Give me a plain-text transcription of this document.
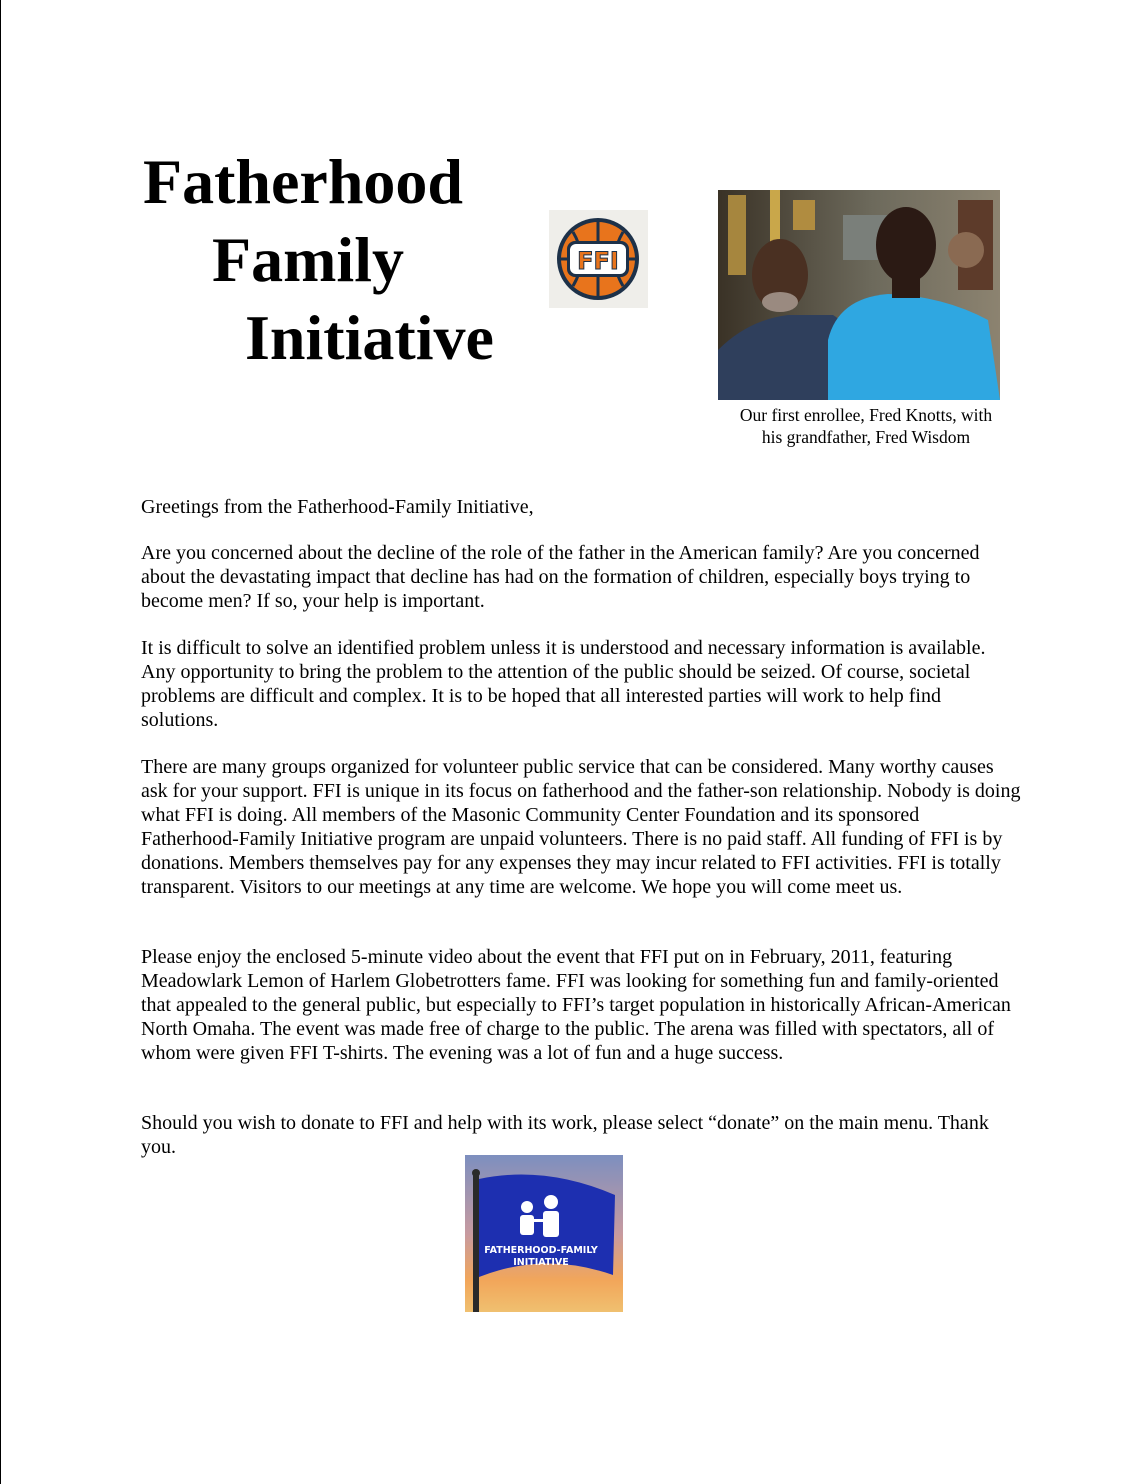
Fatherhood
Family
Initiative
FFI
Our first enrollee, Fred Knotts, with
his grandfather, Fred Wisdom

Greetings from the Fatherhood-Family Initiative,

Are you concerned about the decline of the role of the father in the American family? Are you concerned about the devastating impact that decline has had on the formation of children, especially boys trying to become men? If so, your help is important.

It is difficult to solve an identified problem unless it is understood and necessary information is available. Any opportunity to bring the problem to the attention of the public should be seized. Of course, societal problems are difficult and complex. It is to be hoped that all interested parties will work to help find solutions.

There are many groups organized for volunteer public service that can be considered. Many worthy causes ask for your support. FFI is unique in its focus on fatherhood and the father-son relationship. Nobody is doing what FFI is doing. All members of the Masonic Community Center Foundation and its sponsored Fatherhood-Family Initiative program are unpaid volunteers. There is no paid staff. All funding of FFI is by donations. Members themselves pay for any expenses they may incur related to FFI activities. FFI is totally transparent. Visitors to our meetings at any time are welcome. We hope you will come meet us.

Please enjoy the enclosed 5-minute video about the event that FFI put on in February, 2011, featuring Meadowlark Lemon of Harlem Globetrotters fame. FFI was looking for something fun and family-oriented that appealed to the general public, but especially to FFI’s target population in historically African-American North Omaha. The event was made free of charge to the public. The arena was filled with spectators, all of whom were given FFI T-shirts. The evening was a lot of fun and a huge success.

Should you wish to donate to FFI and help with its work, please select “donate” on the main menu. Thank you.

FATHERHOOD-FAMILY
INITIATIVE
